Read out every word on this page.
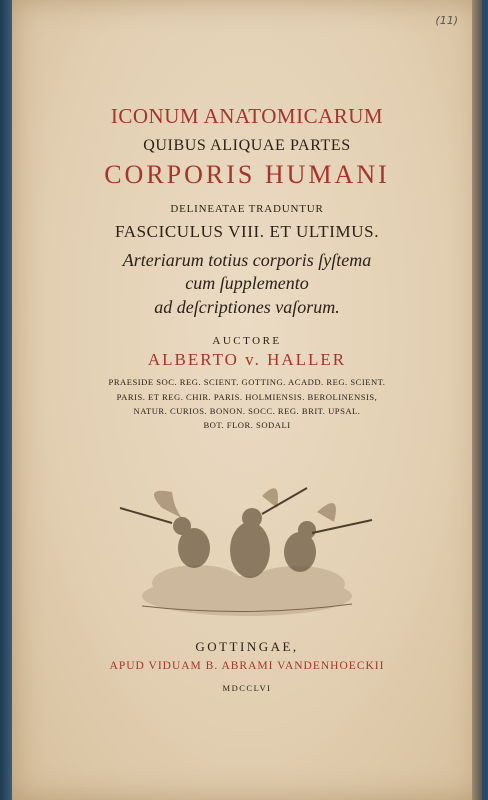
(11)
ICONUM ANATOMICARUM
QUIBUS ALIQUAE PARTES
CORPORIS HUMANI
DELINEATAE TRADUNTUR
FASCICULUS VIII. ET ULTIMUS.
Arteriarum totius corporis ſyſtema
cum ſupplemento
ad deſcriptiones vaſorum.
AUCTORE
ALBERTO v. HALLER
PRAESIDE SOC. REG. SCIENT. GOTTING. ACADD. REG. SCIENT.
PARIS. ET REG. CHIR. PARIS. HOLMIENSIS. BEROLINENSIS,
NATUR. CURIOS. BONON. SOCC. REG. BRIT. UPSAL.
BOT. FLOR. SODALI
GOTTINGAE,
APUD VIDUAM B. ABRAMI VANDENHOECKII
MDCCLVI
